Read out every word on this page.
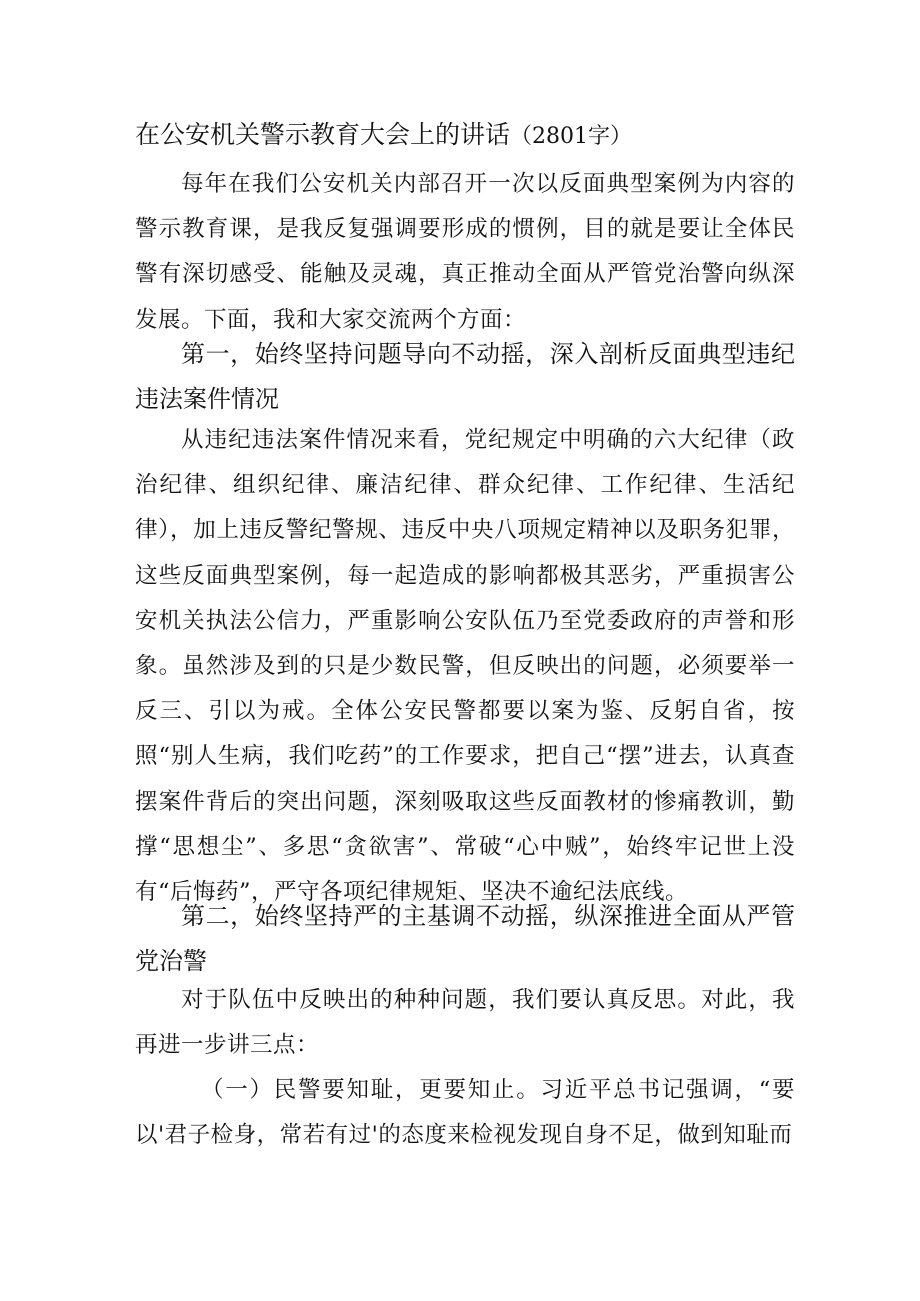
在公安机关警示教育大会上的讲话（2801字）

每年在我们公安机关内部召开一次以反面典型案例为内容的警示教育课，是我反复强调要形成的惯例，目的就是要让全体民警有深切感受、能触及灵魂，真正推动全面从严管党治警向纵深发展。下面，我和大家交流两个方面：

第一，始终坚持问题导向不动摇，深入剖析反面典型违纪违法案件情况

从违纪违法案件情况来看，党纪规定中明确的六大纪律（政治纪律、组织纪律、廉洁纪律、群众纪律、工作纪律、生活纪律），加上违反警纪警规、违反中央八项规定精神以及职务犯罪，这些反面典型案例，每一起造成的影响都极其恶劣，严重损害公安机关执法公信力，严重影响公安队伍乃至党委政府的声誉和形象。虽然涉及到的只是少数民警，但反映出的问题，必须要举一反三、引以为戒。全体公安民警都要以案为鉴、反躬自省，按照“别人生病，我们吃药”的工作要求，把自己“摆”进去，认真查摆案件背后的突出问题，深刻吸取这些反面教材的惨痛教训，勤撑“思想尘”、多思“贪欲害”、常破“心中贼”，始终牢记世上没有“后悔药”，严守各项纪律规矩、坚决不逾纪法底线。

第二，始终坚持严的主基调不动摇，纵深推进全面从严管党治警

对于队伍中反映出的种种问题，我们要认真反思。对此，我再进一步讲三点：

（一）民警要知耻，更要知止。习近平总书记强调，“要以'君子检身，常若有过'的态度来检视发现自身不足，做到知耻而
